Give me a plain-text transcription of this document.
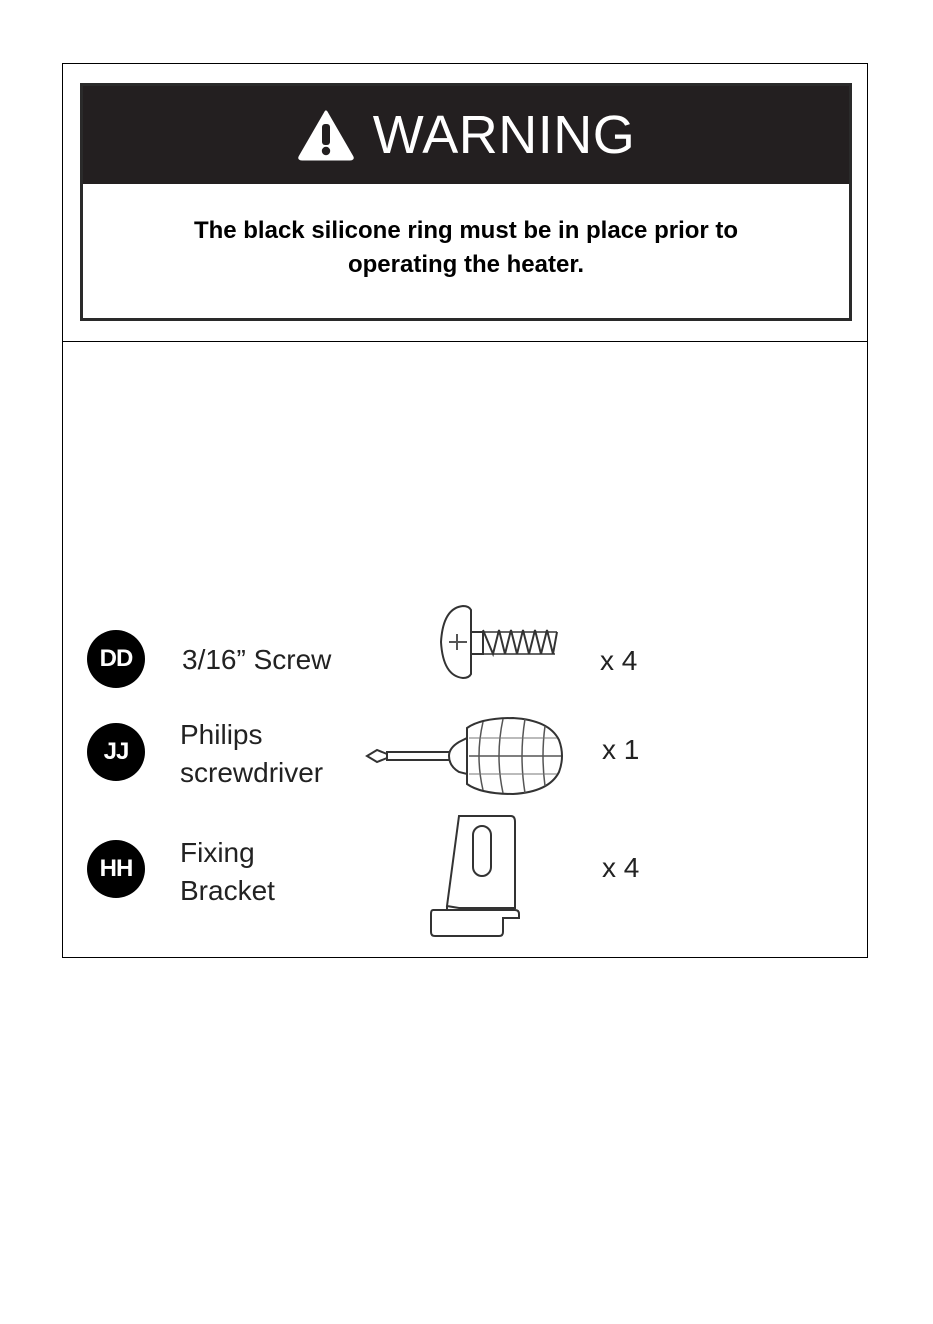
WARNING
The black silicone ring must be in place prior to
operating the heater.
DD	3/16” Screw	x 4
JJ
Philips
screwdriver
x 1
HH
Fixing
Bracket
x 4
